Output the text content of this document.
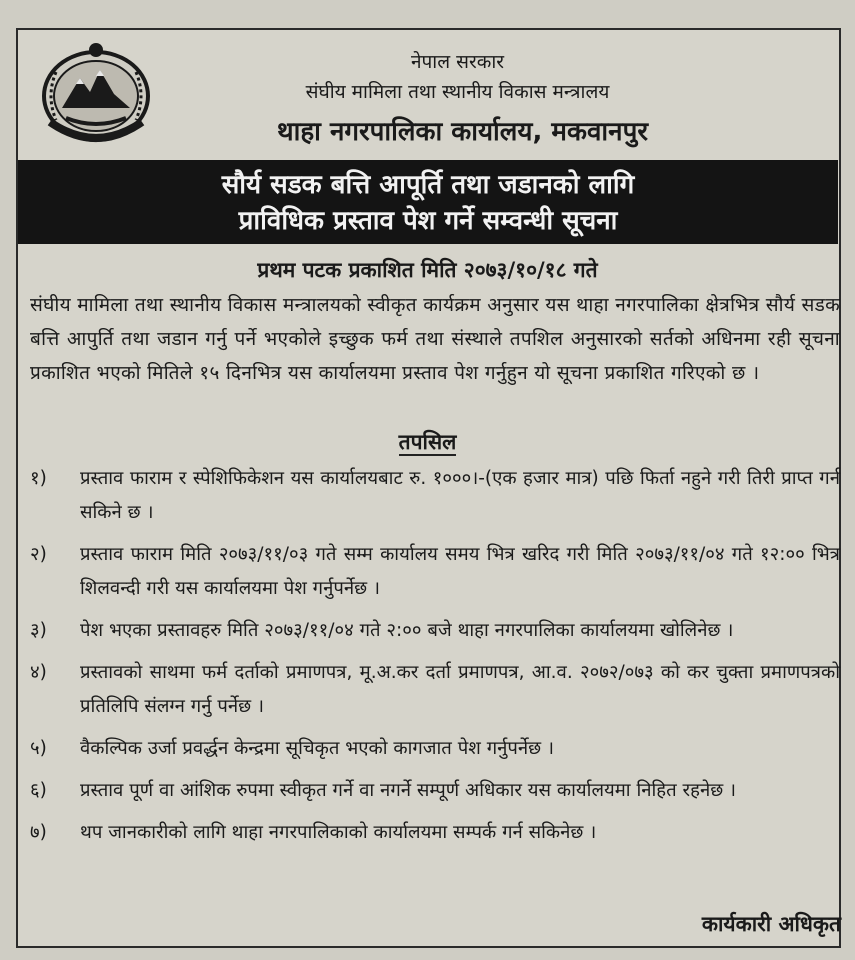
नेपाल सरकार
संघीय मामिला तथा स्थानीय विकास मन्त्रालय
थाहा नगरपालिका कार्यालय, मकवानपुर
सौर्य सडक बत्ति आपूर्ति तथा जडानको लागि
प्राविधिक प्रस्ताव पेश गर्ने सम्वन्धी सूचना
प्रथम पटक प्रकाशित मिति २०७३/१०/१८ गते
संघीय मामिला तथा स्थानीय विकास मन्त्रालयको स्वीकृत कार्यक्रम अनुसार यस थाहा नगरपालिका क्षेत्रभित्र सौर्य सडक बत्ति आपुर्ति तथा जडान गर्नु पर्ने भएकोले इच्छुक फर्म तथा संस्थाले तपशिल अनुसारको सर्तको अधिनमा रही सूचना प्रकाशित भएको मितिले १५ दिनभित्र यस कार्यालयमा प्रस्ताव पेश गर्नुहुन यो सूचना प्रकाशित गरिएको छ ।
तपसिल
१) प्रस्ताव फाराम र स्पेशिफिकेशन यस कार्यालयबाट रु. १०००।-(एक हजार मात्र) पछि फिर्ता नहुने गरी तिरी प्राप्त गर्न सकिने छ ।
२) प्रस्ताव फाराम मिति २०७३/११/०३ गते सम्म कार्यालय समय भित्र खरिद गरी मिति २०७३/११/०४ गते १२:०० भित्र शिलवन्दी गरी यस कार्यालयमा पेश गर्नुपर्नेछ ।
३) पेश भएका प्रस्तावहरु मिति २०७३/११/०४ गते २:०० बजे थाहा नगरपालिका कार्यालयमा खोलिनेछ ।
४) प्रस्तावको साथमा फर्म दर्ताको प्रमाणपत्र, मू.अ.कर दर्ता प्रमाणपत्र, आ.व. २०७२/०७३ को कर चुक्ता प्रमाणपत्रको प्रतिलिपि संलग्न गर्नु पर्नेछ ।
५) वैकल्पिक उर्जा प्रवर्द्धन केन्द्रमा सूचिकृत भएको कागजात पेश गर्नुपर्नेछ ।
६) प्रस्ताव पूर्ण वा आंशिक रुपमा स्वीकृत गर्ने वा नगर्ने सम्पूर्ण अधिकार यस कार्यालयमा निहित रहनेछ ।
७) थप जानकारीको लागि थाहा नगरपालिकाको कार्यालयमा सम्पर्क गर्न सकिनेछ ।
कार्यकारी अधिकृत
